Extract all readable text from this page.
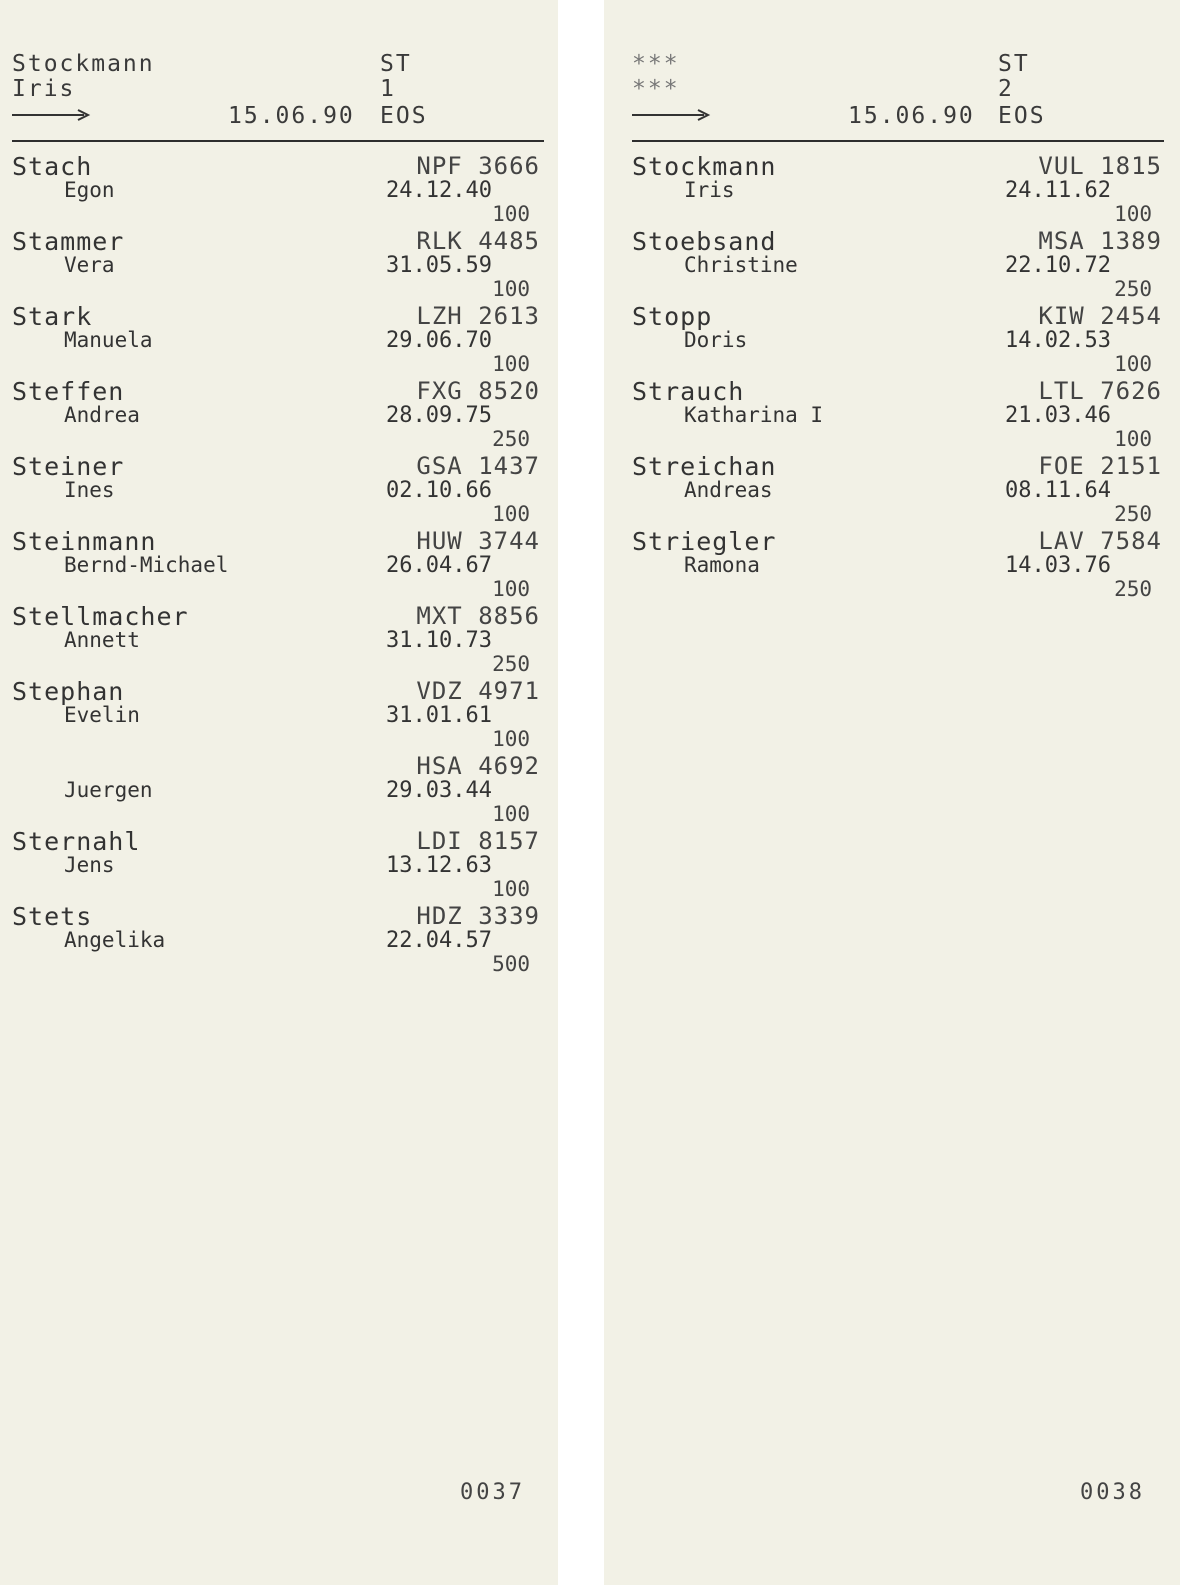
Stockmann
Iris
15.06.90
ST
1
EOS
Stach
Egon
NPF 3666
24.12.40
100
Stammer
Vera
RLK 4485
31.05.59
100
Stark
Manuela
LZH 2613
29.06.70
100
Steffen
Andrea
FXG 8520
28.09.75
250
Steiner
Ines
GSA 1437
02.10.66
100
Steinmann
Bernd-Michael
HUW 3744
26.04.67
100
Stellmacher
Annett
MXT 8856
31.10.73
250
Stephan
Evelin
VDZ 4971
31.01.61
100
Juergen
HSA 4692
29.03.44
100
Sternahl
Jens
LDI 8157
13.12.63
100
Stets
Angelika
HDZ 3339
22.04.57
500
0037
***
***
15.06.90
ST
2
EOS
Stockmann
Iris
VUL 1815
24.11.62
100
Stoebsand
Christine
MSA 1389
22.10.72
250
Stopp
Doris
KIW 2454
14.02.53
100
Strauch
Katharina I
LTL 7626
21.03.46
100
Streichan
Andreas
FOE 2151
08.11.64
250
Striegler
Ramona
LAV 7584
14.03.76
250
0038
